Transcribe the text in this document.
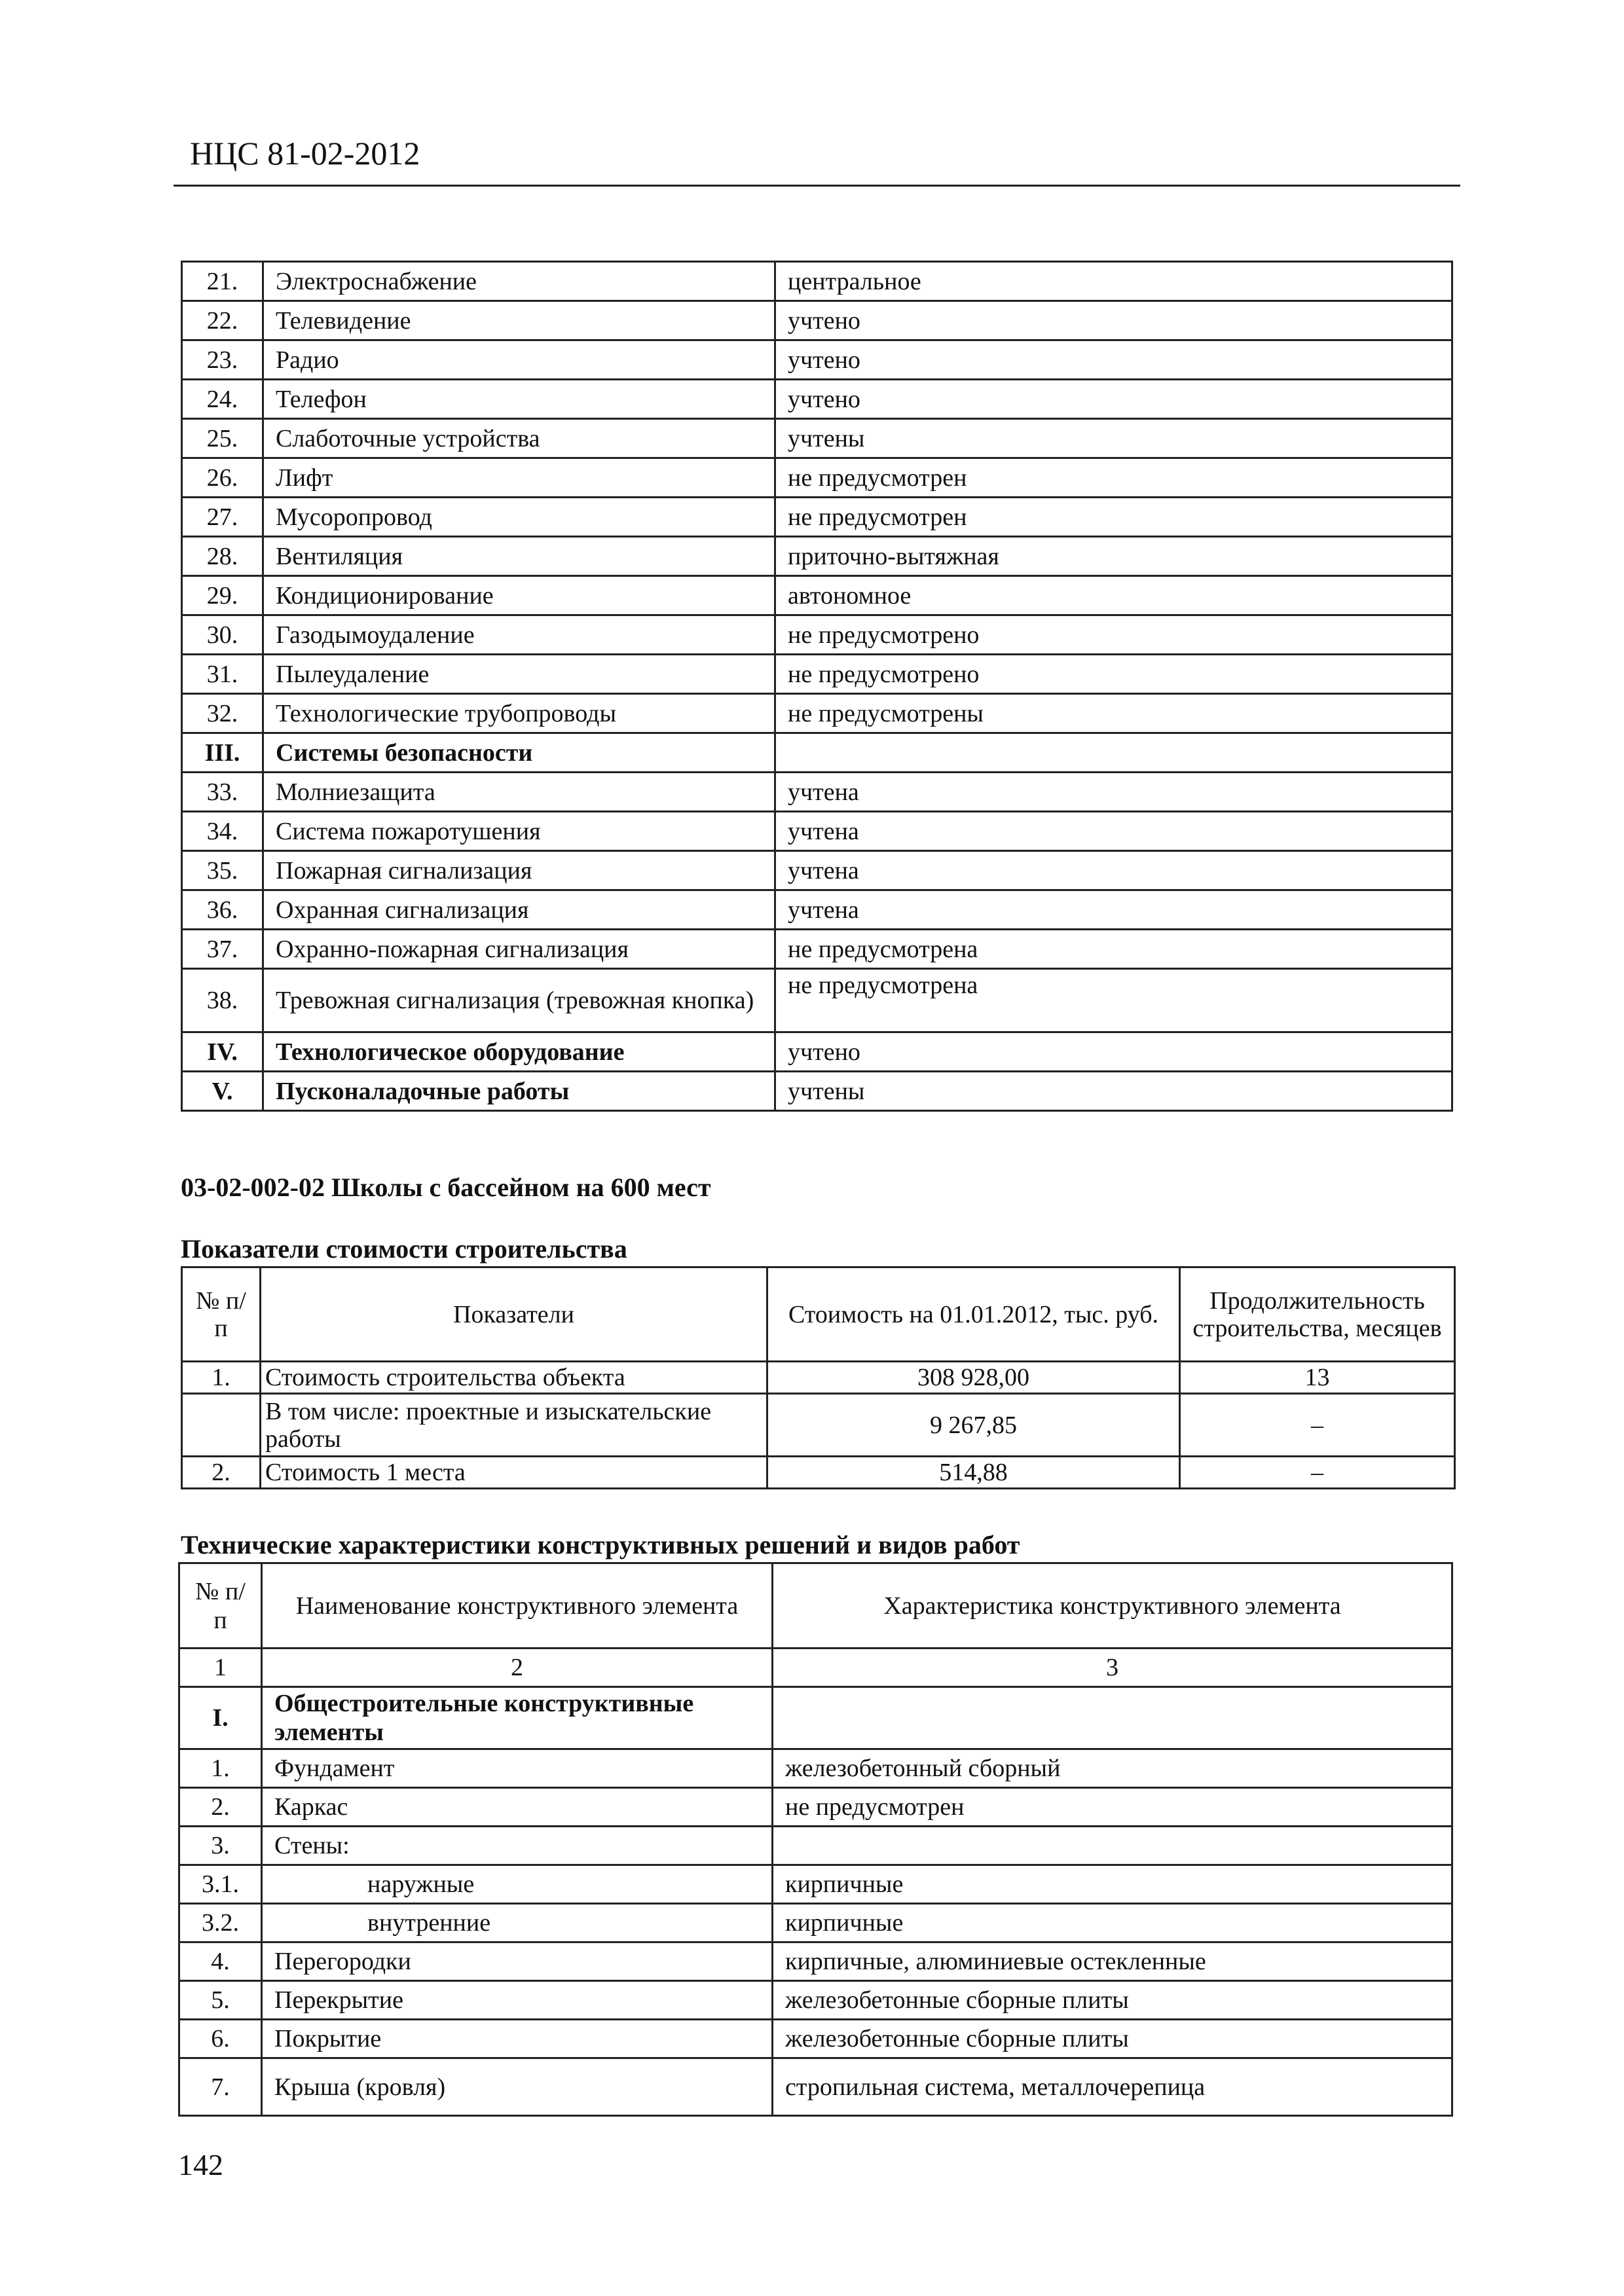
НЦС 81-02-2012
21.	Электроснабжение	центральное
22.	Телевидение	учтено
23.	Радио	учтено
24.	Телефон	учтено
25.	Слаботочные устройства	учтены
26.	Лифт	не предусмотрен
27.	Мусоропровод	не предусмотрен
28.	Вентиляция	приточно-вытяжная
29.	Кондиционирование	автономное
30.	Газодымоудаление	не предусмотрено
31.	Пылеудаление	не предусмотрено
32.	Технологические трубопроводы	не предусмотрены
III.	Системы безопасности	
33.	Молниезащита	учтена
34.	Система пожаротушения	учтена
35.	Пожарная сигнализация	учтена
36.	Охранная сигнализация	учтена
37.	Охранно-пожарная сигнализация	не предусмотрена
38.	Тревожная сигнализация (тревожная кнопка)	не предусмотрена
IV.	Технологическое оборудование	учтено
V.	Пусконаладочные работы	учтены
03-02-002-02 Школы с бассейном на 600 мест
Показатели стоимости строительства
№ п/п	Показатели	Стоимость на 01.01.2012, тыс. руб.	Продолжительность строительства, месяцев
1.	Стоимость строительства объекта	308 928,00	13
	В том числе: проектные и изыскательские работы	9 267,85	–
2.	Стоимость 1 места	514,88	–
Технические характеристики конструктивных решений и видов работ
№ п/п	Наименование конструктивного элемента	Характеристика конструктивного элемента
1	2	3
I.	Общестроительные конструктивные элементы	
1.	Фундамент	железобетонный сборный
2.	Каркас	не предусмотрен
3.	Стены:	
3.1.	наружные	кирпичные
3.2.	внутренние	кирпичные
4.	Перегородки	кирпичные, алюминиевые остекленные
5.	Перекрытие	железобетонные сборные плиты
6.	Покрытие	железобетонные сборные плиты
7.	Крыша (кровля)	стропильная система, металлочерепица
142
